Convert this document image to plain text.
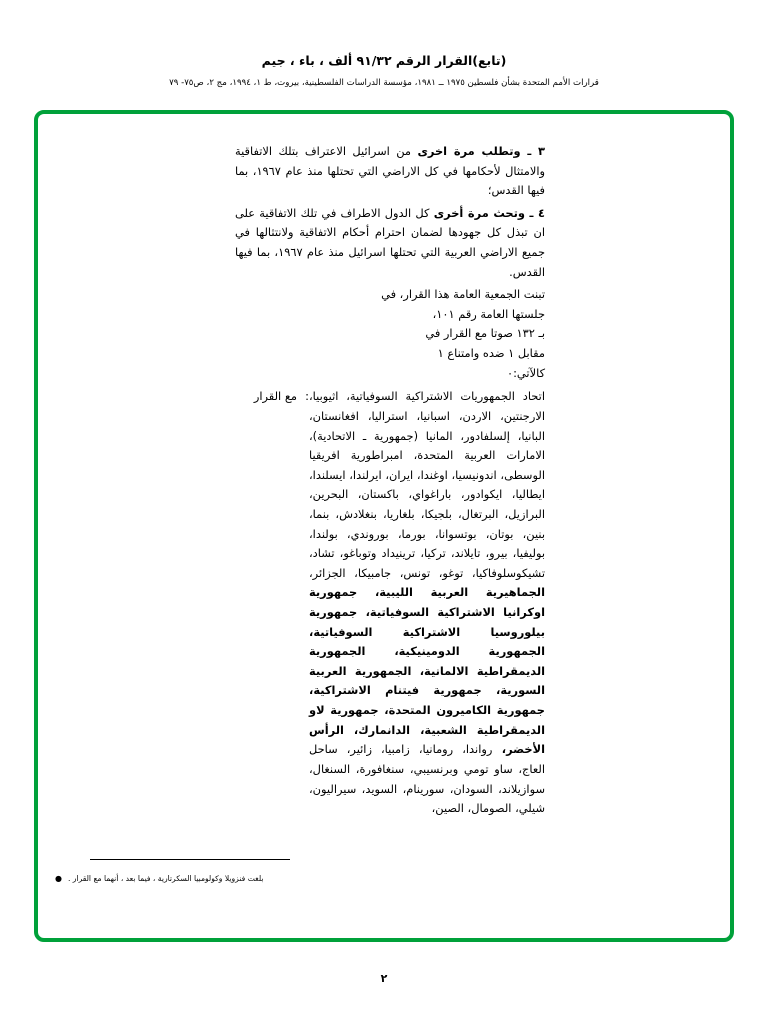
(تابع)القرار الرقم ٩١/٣٢ ألف ، باء ، جيم
قرارات الأمم المتحدة بشأن فلسطين ١٩٧٥ ــ ١٩٨١، مؤسسة الدراسات الفلسطينية، بيروت، ط ١، ١٩٩٤، مج ٢، ص٧٥- ٧٩

٣ ـ وتطلب مرة اخرى من اسرائيل الاعتراف بتلك الاتفاقية والامتثال لأحكامها في كل الاراضي التي تحتلها منذ عام ١٩٦٧، بما فيها القدس؛

٤ ـ وتحث مرة أخرى كل الدول الاطراف في تلك الاتفاقية على ان تبذل كل جهودها لضمان احترام أحكام الاتفاقية ولانتثالها في جميع الاراضي العربية التي تحتلها اسرائيل منذ عام ١٩٦٧، بما فيها القدس.

تبنت الجمعية العامة هذا القرار، في
جلستها العامة رقم ١٠١،
بـ ١٣٢ صوتا مع القرار في
مقابل ١ ضده وامتناع ١
كالآتي:٠
مع القرار : اتحاد الجمهوريات الاشتراكية السوفياتية، اثيوبيا، الارجنتين، الاردن، اسبانيا، استراليا، افغانستان، البانيا، إلسلفادور، المانيا (جمهورية ـ الاتحادية)، الامارات العربية المتحدة، امبراطورية افريقيا الوسطى، اندونيسيا، اوغندا، ايران، ايرلندا، ايسلندا، ايطاليا، ايكوادور، باراغواي، باكستان، البحرين، البرازيل، البرتغال، بلجيكا، بلغاريا، بنغلادش، بنما، بنين، بوتان، بوتسوانا، بورما، بوروندي، بولندا، بوليفيا، بيرو، تايلاند، تركيا، ترينيداد وتوباغو، تشاد، تشيكوسلوفاكيا، توغو، تونس، جامبيكا، الجزائر، الجماهيرية العربية الليبية، جمهورية اوكرانيا الاشتراكية السوفياتية، جمهورية بيلوروسيا الاشتراكية السوفياتية، الجمهورية الدومينيكية، الجمهورية الديمقراطية الالمانية، الجمهورية العربية السورية، جمهورية فيتنام الاشتراكية، جمهورية الكاميرون المتحدة، جمهورية لاو الديمقراطية الشعبية، الدانمارك، الرأس الأخضر، رواندا، رومانيا، زامبيا، زائير، ساحل العاج، ساو تومي وبرنسيبي، سنغافورة، السنغال، سوازيلاند، السودان، سورينام، السويد، سيراليون، شيلي، الصومال، الصين،
● بلغت فنزويلا وكولومبيا السكرتارية ، فيما بعد ، أنهما مع القرار .
٢
